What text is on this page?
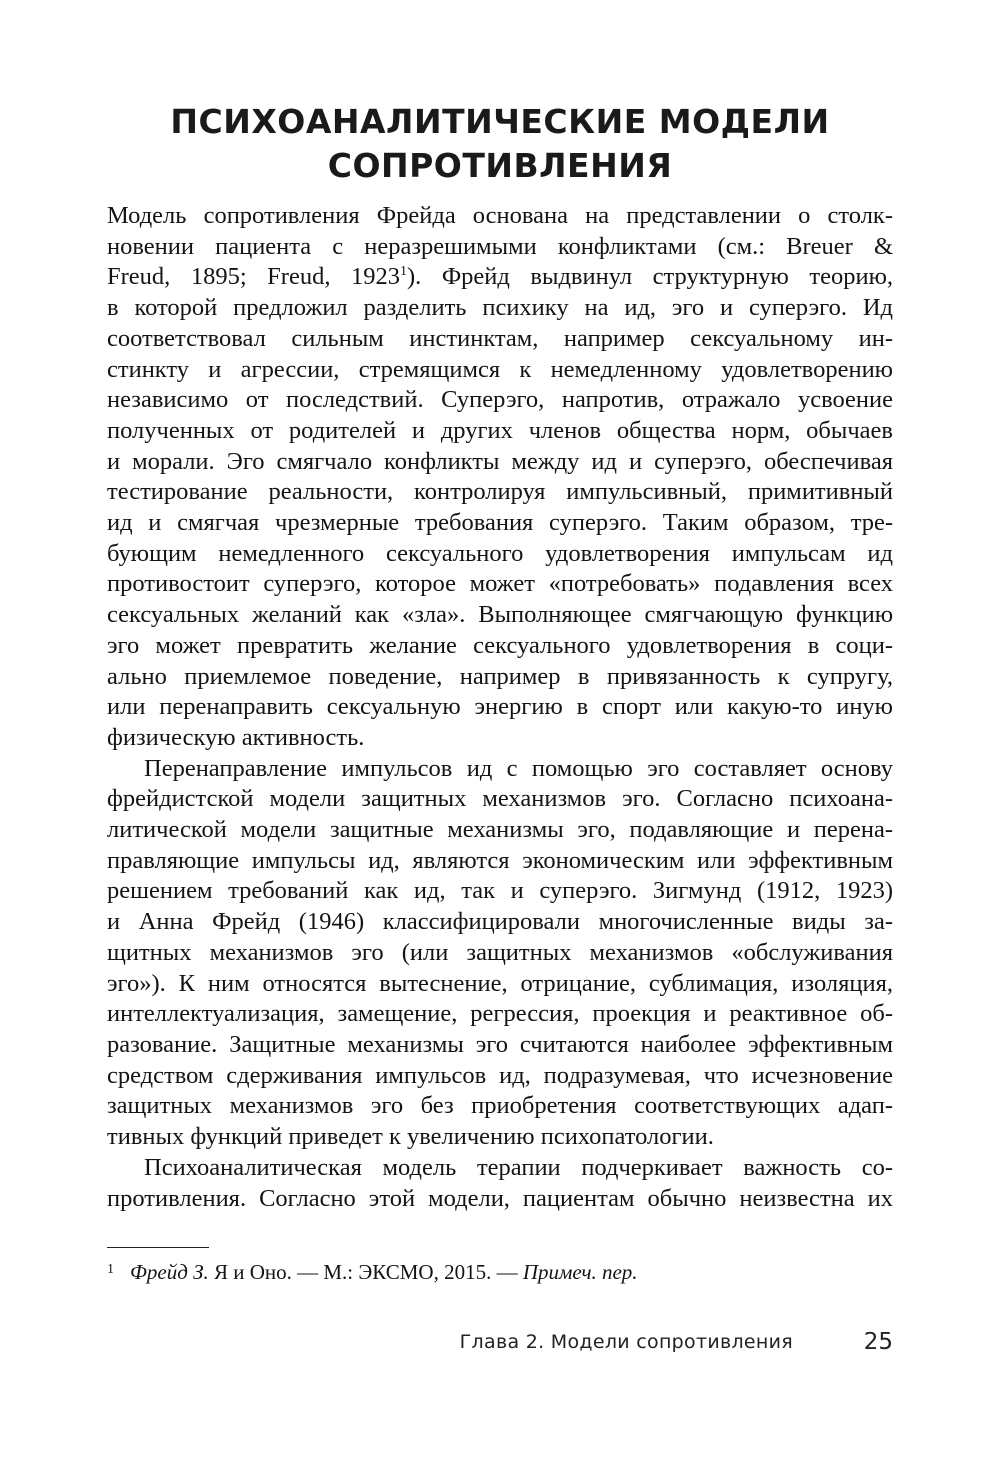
ПСИХОАНАЛИТИЧЕСКИЕ МОДЕЛИ
СОПРОТИВЛЕНИЯ
Модель сопротивления Фрейда основана на представлении о столк-
новении пациента с неразрешимыми конфликтами (см.: Breuer &
Freud, 1895; Freud, 1923$^1$). Фрейд выдвинул структурную теорию,
в которой предложил разделить психику на ид, эго и суперэго. Ид
соответствовал сильным инстинктам, например сексуальному ин-
стинкту и агрессии, стремящимся к немедленному удовлетворению
независимо от последствий. Суперэго, напротив, отражало усвоение
полученных от родителей и других членов общества норм, обычаев
и морали. Эго смягчало конфликты между ид и суперэго, обеспечивая
тестирование реальности, контролируя импульсивный, примитивный
ид и смягчая чрезмерные требования суперэго. Таким образом, тре-
бующим немедленного сексуального удовлетворения импульсам ид
противостоит суперэго, которое может «потребовать» подавления всех
сексуальных желаний как «зла». Выполняющее смягчающую функцию
эго может превратить желание сексуального удовлетворения в соци-
ально приемлемое поведение, например в привязанность к супругу,
или перенаправить сексуальную энергию в спорт или какую-то иную
физическую активность.
Перенаправление импульсов ид с помощью эго составляет основу
фрейдистской модели защитных механизмов эго. Согласно психоана-
литической модели защитные механизмы эго, подавляющие и перена-
правляющие импульсы ид, являются экономическим или эффективным
решением требований как ид, так и суперэго. Зигмунд (1912, 1923)
и Анна Фрейд (1946) классифицировали многочисленные виды за-
щитных механизмов эго (или защитных механизмов «обслуживания
эго»). К ним относятся вытеснение, отрицание, сублимация, изоляция,
интеллектуализация, замещение, регрессия, проекция и реактивное об-
разование. Защитные механизмы эго считаются наиболее эффективным
средством сдерживания импульсов ид, подразумевая, что исчезновение
защитных механизмов эго без приобретения соответствующих адап-
тивных функций приведет к увеличению психопатологии.
Психоаналитическая модель терапии подчеркивает важность со-
противления. Согласно этой модели, пациентам обычно неизвестна их
$^1$ Фрейд З. Я и Оно. — М.: ЭКСМО, 2015. — Примеч. пер.
Глава 2. Модели сопротивления	25
